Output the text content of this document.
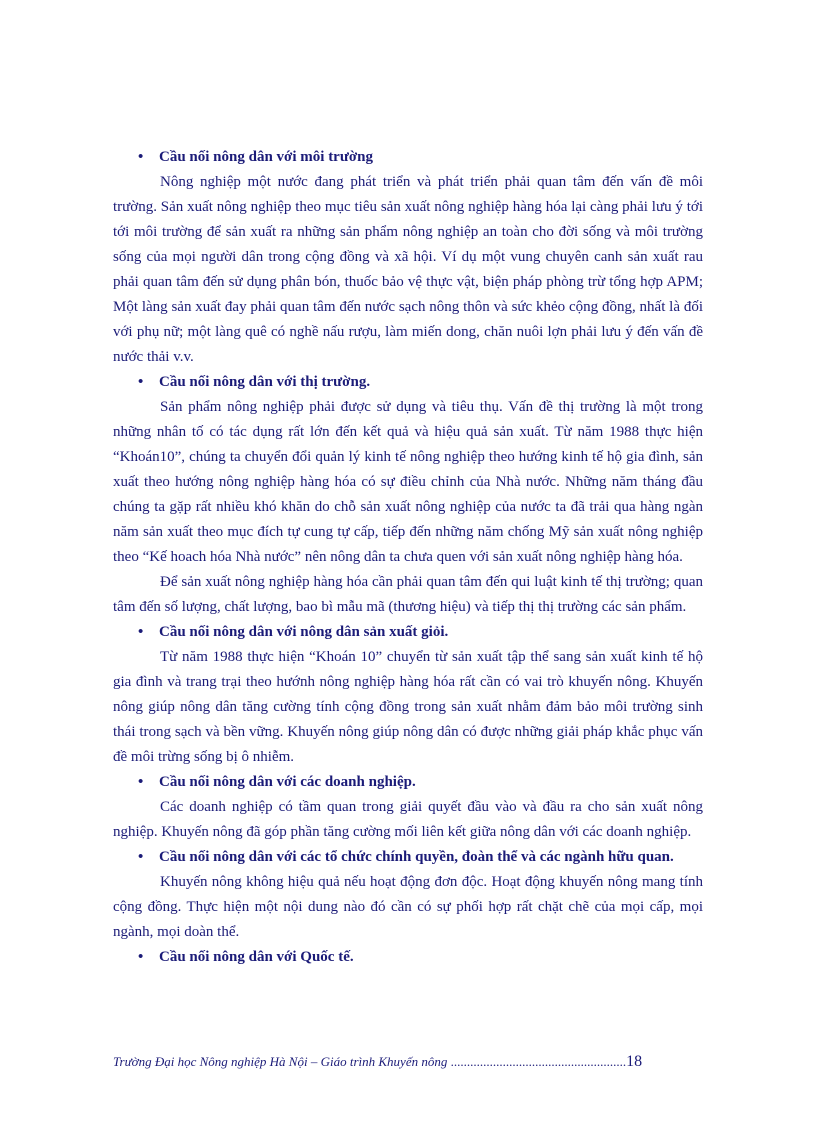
• Cầu nối nông dân với môi trường

Nông nghiệp một nước đang phát triển và phát triển phải quan tâm đến vấn đề môi trường. Sản xuất nông nghiệp theo mục tiêu sản xuất nông nghiệp hàng hóa lại càng phải lưu ý tới tới môi trường để sản xuất ra những sản phẩm nông nghiệp an toàn cho đời sống và môi trường sống của mọi người dân trong cộng đồng và xã hội. Ví dụ một vung chuyên canh sản xuất rau phải quan tâm đến sử dụng phân bón, thuốc bảo vệ thực vật, biện pháp phòng trừ tổng hợp APM; Một làng sản xuất đay phải quan tâm đến nước sạch nông thôn và sức khẻo cộng đồng, nhất là đối với phụ nữ; một làng quê có nghề nấu rượu, làm miến dong, chăn nuôi lợn phải lưu ý đến vấn đề nước thải v.v.

• Cầu nối nông dân với thị trường.

Sản phẩm nông nghiệp phải được sử dụng và tiêu thụ. Vấn đề thị trường là một trong những nhân tố có tác dụng rất lớn đến kết quả và hiệu quả sản xuất. Từ năm 1988 thực hiện “Khoán10”, chúng ta chuyển đổi quản lý kinh tế nông nghiệp theo hướng kinh tế hộ gia đình, sản xuất theo hướng nông nghiệp hàng hóa có sự điều chỉnh của Nhà nước. Những năm tháng đầu chúng ta gặp rất nhiều khó khăn do chỗ sản xuất nông nghiệp của nước ta đã trải qua hàng ngàn năm sản xuất theo mục đích tự cung tự cấp, tiếp đến những năm chống Mỹ sản xuất nông nghiệp theo “Kế hoach hóa Nhà nước” nên nông dân ta chưa quen với sản xuất nông nghiệp hàng hóa.

Để sản xuất nông nghiệp hàng hóa cần phải quan tâm đến qui luật kinh tế thị trường; quan tâm đến số lượng, chất lượng, bao bì mẫu mã (thương hiệu) và tiếp thị thị trường các sản phẩm.

• Cầu nối nông dân với nông dân sản xuất giỏi.

Từ năm 1988 thực hiện “Khoán 10” chuyển từ sản xuất tập thể sang sản xuất kinh tế hộ gia đình và trang trại theo hướnh nông nghiệp hàng hóa rất cần có vai trò khuyến nông. Khuyến nông giúp nông dân tăng cường tính cộng đồng trong sản xuất nhằm đảm bảo môi trường sinh thái trong sạch và bền vững. Khuyến nông giúp nông dân có được những giải pháp khắc phục vấn đề môi trừng sống bị ô nhiễm.

• Cầu nối nông dân với các doanh nghiệp.

Các doanh nghiệp có tầm quan trong giải quyết đầu vào và đầu ra cho sản xuất nông nghiệp. Khuyến nông đã góp phần tăng cường mối liên kết giữa nông dân với các doanh nghiệp.

• Cầu nối nông dân với các tổ chức chính quyền, đoàn thể và các ngành hữu quan.

Khuyến nông không hiệu quả nếu hoạt động đơn độc. Hoạt động khuyến nông mang tính cộng đồng. Thực hiện một nội dung nào đó cần có sự phối hợp rất chặt chẽ của mọi cấp, mọi ngành, mọi doàn thể.

• Cầu nối nông dân với Quốc tế.
Trường Đại học Nông nghiệp Hà Nội – Giáo trình Khuyến nông ......................................................18
